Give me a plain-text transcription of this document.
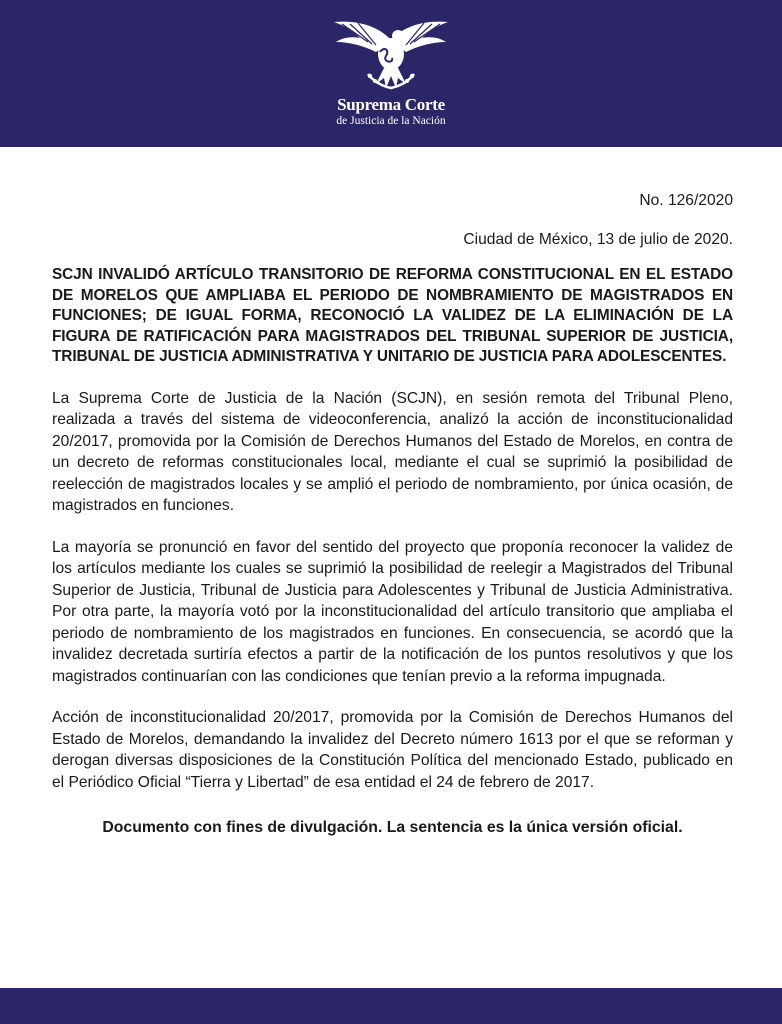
Suprema Corte
de Justicia de la Nación

No. 126/2020

Ciudad de México, 13 de julio de 2020.

SCJN INVALIDÓ ARTÍCULO TRANSITORIO DE REFORMA CONSTITUCIONAL EN EL ESTADO DE MORELOS QUE AMPLIABA EL PERIODO DE NOMBRAMIENTO DE MAGISTRADOS EN FUNCIONES; DE IGUAL FORMA, RECONOCIÓ LA VALIDEZ DE LA ELIMINACIÓN DE LA FIGURA DE RATIFICACIÓN PARA MAGISTRADOS DEL TRIBUNAL SUPERIOR DE JUSTICIA, TRIBUNAL DE JUSTICIA ADMINISTRATIVA Y UNITARIO DE JUSTICIA PARA ADOLESCENTES.

La Suprema Corte de Justicia de la Nación (SCJN), en sesión remota del Tribunal Pleno, realizada a través del sistema de videoconferencia, analizó la acción de inconstitucionalidad 20/2017, promovida por la Comisión de Derechos Humanos del Estado de Morelos, en contra de un decreto de reformas constitucionales local, mediante el cual se suprimió la posibilidad de reelección de magistrados locales y se amplió el periodo de nombramiento, por única ocasión, de magistrados en funciones.

La mayoría se pronunció en favor del sentido del proyecto que proponía reconocer la validez de los artículos mediante los cuales se suprimió la posibilidad de reelegir a Magistrados del Tribunal Superior de Justicia, Tribunal de Justicia para Adolescentes y Tribunal de Justicia Administrativa. Por otra parte, la mayoría votó por la inconstitucionalidad del artículo transitorio que ampliaba el periodo de nombramiento de los magistrados en funciones. En consecuencia, se acordó que la invalidez decretada surtiría efectos a partir de la notificación de los puntos resolutivos y que los magistrados continuarían con las condiciones que tenían previo a la reforma impugnada.

Acción de inconstitucionalidad 20/2017, promovida por la Comisión de Derechos Humanos del Estado de Morelos, demandando la invalidez del Decreto número 1613 por el que se reforman y derogan diversas disposiciones de la Constitución Política del mencionado Estado, publicado en el Periódico Oficial “Tierra y Libertad” de esa entidad el 24 de febrero de 2017.

Documento con fines de divulgación. La sentencia es la única versión oficial.
